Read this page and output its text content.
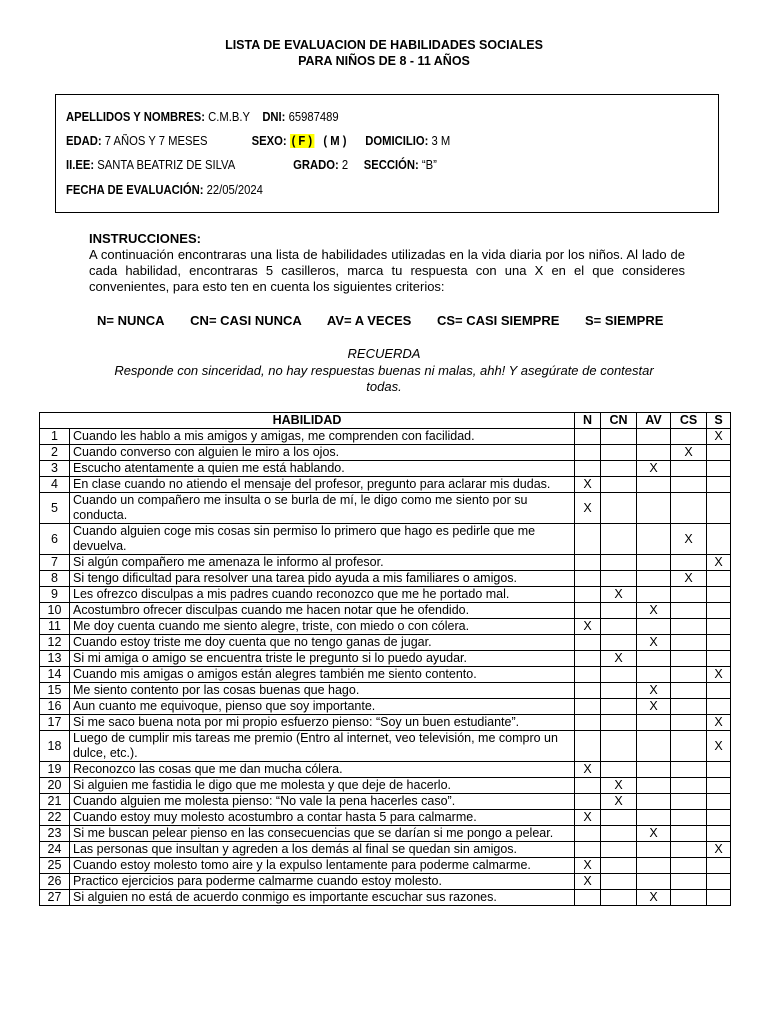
LISTA DE EVALUACION DE HABILIDADES SOCIALES
PARA NIÑOS DE 8 - 11 AÑOS
APELLIDOS Y NOMBRES: C.M.B.Y DNI: 65987489
EDAD: 7 AÑOS Y 7 MESES	SEXO: ( F ) ( M ) DOMICILIO: 3 M
II.EE: SANTA BEATRIZ DE SILVA	GRADO: 2 SECCIÓN: “B”
FECHA DE EVALUACIÓN: 22/05/2024
INSTRUCCIONES:
A continuación encontraras una lista de habilidades utilizadas en la vida diaria por los niños. Al lado de cada habilidad, encontraras 5 casilleros, marca tu respuesta con una X en el que consideres convenientes, para esto ten en cuenta los siguientes criterios:
N= NUNCA CN= CASI NUNCA AV= A VECES CS= CASI SIEMPRE S= SIEMPRE
RECUERDA
Responde con sinceridad, no hay respuestas buenas ni malas, ahh! Y asegúrate de contestar
todas.
HABILIDAD		N	CN	AV	CS	S
1	Cuando les hablo a mis amigos y amigas, me comprenden con facilidad.					X
2	Cuando converso con alguien le miro a los ojos.				X	
3	Escucho atentamente a quien me está hablando.			X		
4	En clase cuando no atiendo el mensaje del profesor, pregunto para aclarar mis dudas.	X				
5	Cuando un compañero me insulta o se burla de mí, le digo como me siento por su conducta.	X				
6	Cuando alguien coge mis cosas sin permiso lo primero que hago es pedirle que me devuelva.				X	
7	Si algún compañero me amenaza le informo al profesor.					X
8	Si tengo dificultad para resolver una tarea pido ayuda a mis familiares o amigos.				X	
9	Les ofrezco disculpas a mis padres cuando reconozco que me he portado mal.		X			
10	Acostumbro ofrecer disculpas cuando me hacen notar que he ofendido.			X		
11	Me doy cuenta cuando me siento alegre, triste, con miedo o con cólera.	X				
12	Cuando estoy triste me doy cuenta que no tengo ganas de jugar.			X		
13	Si mi amiga o amigo se encuentra triste le pregunto si lo puedo ayudar.		X			
14	Cuando mis amigas o amigos están alegres también me siento contento.					X
15	Me siento contento por las cosas buenas que hago.			X		
16	Aun cuanto me equivoque, pienso que soy importante.			X		
17	Si me saco buena nota por mi propio esfuerzo pienso: “Soy un buen estudiante”.					X
18	Luego de cumplir mis tareas me premio (Entro al internet, veo televisión, me compro un dulce, etc.).					X
19	Reconozco las cosas que me dan mucha cólera.	X				
20	Si alguien me fastidia le digo que me molesta y que deje de hacerlo.		X			
21	Cuando alguien me molesta pienso: “No vale la pena hacerles caso”.		X			
22	Cuando estoy muy molesto acostumbro a contar hasta 5 para calmarme.	X				
23	Si me buscan pelear pienso en las consecuencias que se darían si me pongo a pelear.			X		
24	Las personas que insultan y agreden a los demás al final se quedan sin amigos.					X
25	Cuando estoy molesto tomo aire y la expulso lentamente para poderme calmarme.	X				
26	Practico ejercicios para poderme calmarme cuando estoy molesto.	X				
27	Si alguien no está de acuerdo conmigo es importante escuchar sus razones.			X		
